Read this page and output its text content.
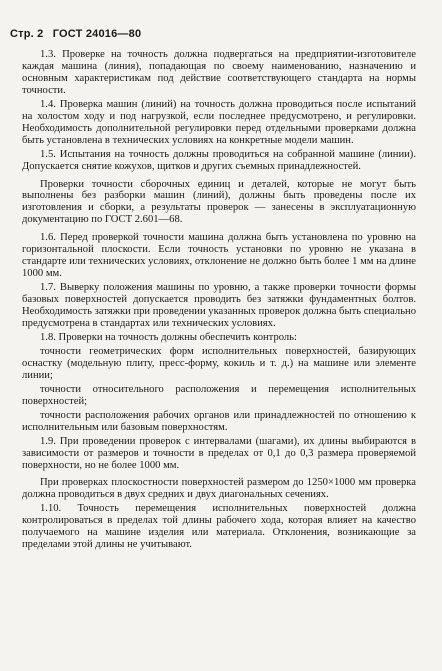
Стр. 2 ГОСТ 24016—80

1.3. Проверке на точность должна подвергаться на предприятии-изготовителе каждая машина (линия), попадающая по своему наименованию, назначению и основным характеристикам под действие соответствующего стандарта на нормы точности.

1.4. Проверка машин (линий) на точность должна проводиться после испытаний на холостом ходу и под нагрузкой, если последнее предусмотрено, и регулировки. Необходимость дополнительной регулировки перед отдельными проверками должна быть установлена в технических условиях на конкретные модели машин.

1.5. Испытания на точность должны проводиться на собранной машине (линии). Допускается снятие кожухов, щитков и других съемных принадлежностей.

Проверки точности сборочных единиц и деталей, которые не могут быть выполнены без разборки машин (линий), должны быть проведены после их изготовления и сборки, а результаты проверок — занесены в эксплуатационную документацию по ГОСТ 2.601—68.

1.6. Перед проверкой точности машина должна быть установлена по уровню на горизонтальной плоскости. Если точность установки по уровню не указана в стандарте или технических условиях, отклонение не должно быть более 1 мм на длине 1000 мм.

1.7. Выверку положения машины по уровню, а также проверки точности формы базовых поверхностей допускается проводить без затяжки фундаментных болтов. Необходимость затяжки при проведении указанных проверок должна быть специально предусмотрена в стандартах или технических условиях.

1.8. Проверки на точность должны обеспечить контроль:

точности геометрических форм исполнительных поверхностей, базирующих оснастку (модельную плиту, пресс-форму, кокиль и т. д.) на машине или элементе линии;

точности относительного расположения и перемещения исполнительных поверхностей;

точности расположения рабочих органов или принадлежностей по отношению к исполнительным или базовым поверхностям.

1.9. При проведении проверок с интервалами (шагами), их длины выбираются в зависимости от размеров и точности в пределах от 0,1 до 0,3 размера проверяемой поверхности, но не более 1000 мм.

При проверках плоскостности поверхностей размером до 1250×1000 мм проверка должна проводиться в двух средних и двух диагональных сечениях.

1.10. Точность перемещения исполнительных поверхностей должна контролироваться в пределах той длины рабочего хода, которая влияет на качество получаемого на машине изделия или материала. Отклонения, возникающие за пределами этой длины не учитывают.
